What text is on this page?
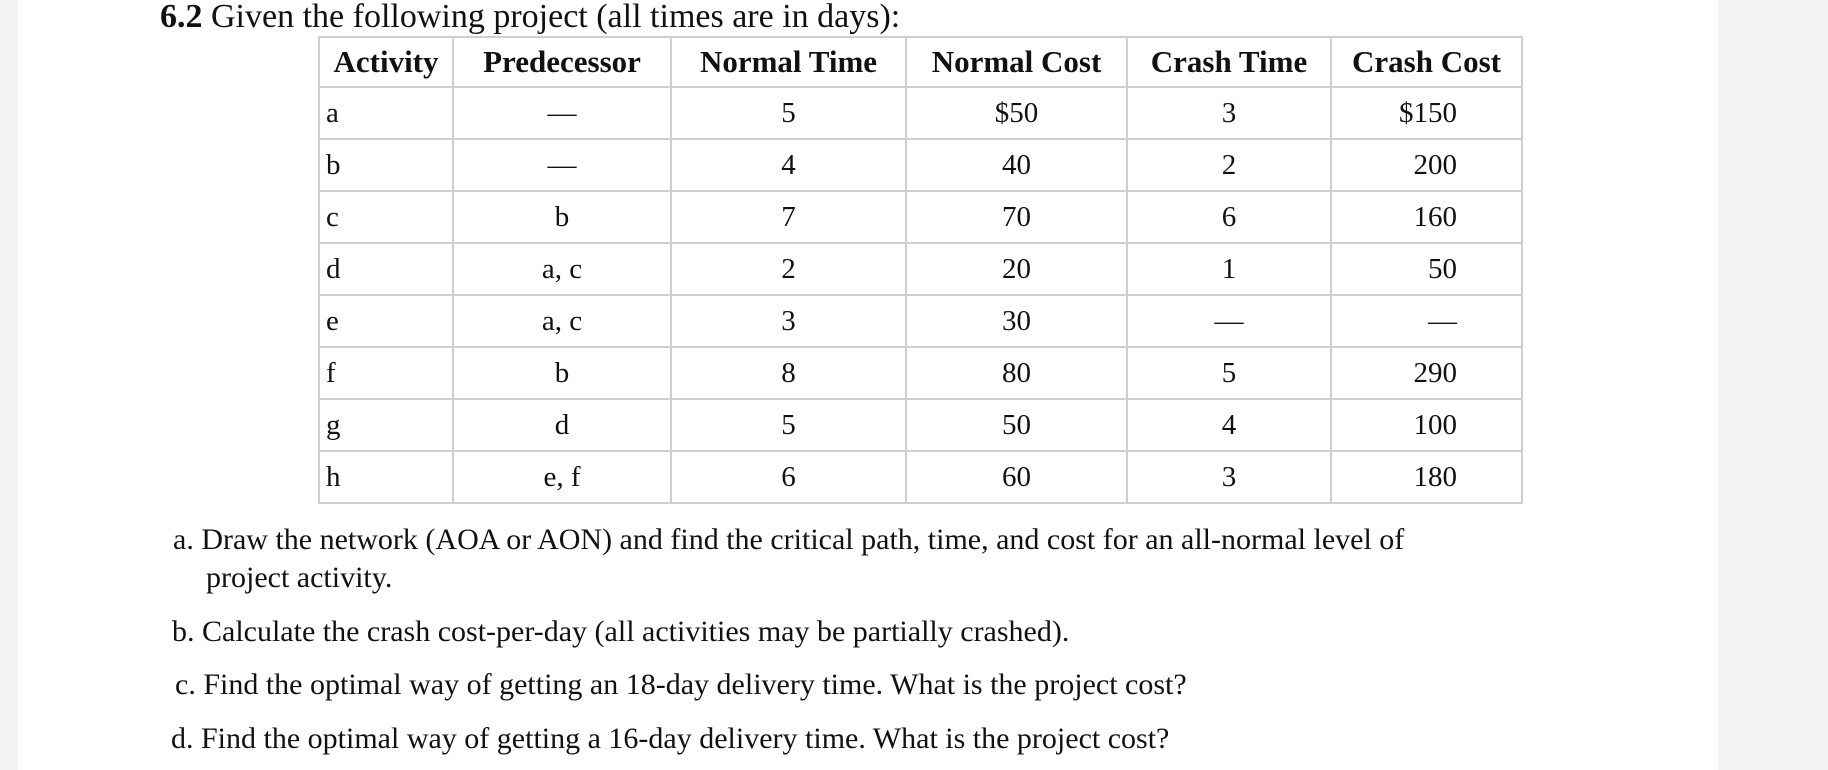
6.2 Given the following project (all times are in days):
Activity	Predecessor	Normal Time	Normal Cost	Crash Time	Crash Cost
a	—	5	$50	3	$150
b	—	4	40	2	200
c	b	7	70	6	160
d	a, c	2	20	1	50
e	a, c	3	30	—	—
f	b	8	80	5	290
g	d	5	50	4	100
h	e, f	6	60	3	180
a. Draw the network (AOA or AON) and find the critical path, time, and cost for an all-normal level of
project activity.
b. Calculate the crash cost-per-day (all activities may be partially crashed).
c. Find the optimal way of getting an 18-day delivery time. What is the project cost?
d. Find the optimal way of getting a 16-day delivery time. What is the project cost?
